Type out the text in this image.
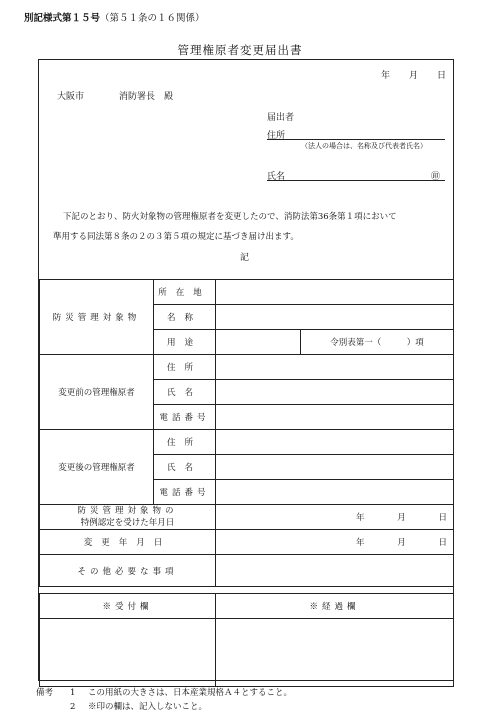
別記様式第１５号（第５１条の１６関係）
管理権原者変更届出書
年 月 日
大阪市	消防署長　殿
届出者
住所
（法人の場合は、名称及び代表者氏名）
氏名	㊞
下記のとおり、防火対象物の管理権原者を変更したので、消防法第36条第１項において
準用する同法第８条の２の３第５項の規定に基づき届け出ます。
記
防災管理対象物	所在地		
	名称		
	用途		令別表第一（　　　）項
変更前の管理権原者	住所		
	氏名		
	電話番号		
変更後の管理権原者	住所		
	氏名		
	電話番号		

防災管理対象物の
特例認定を受けた年月日		年 月 日	
変更年月日		年 月 日	
その他必要な事項			

※受付欄		※経過欄	

備考	1	この用紙の大きさは、日本産業規格Ａ４とすること。
2	※印の欄は、記入しないこと。
